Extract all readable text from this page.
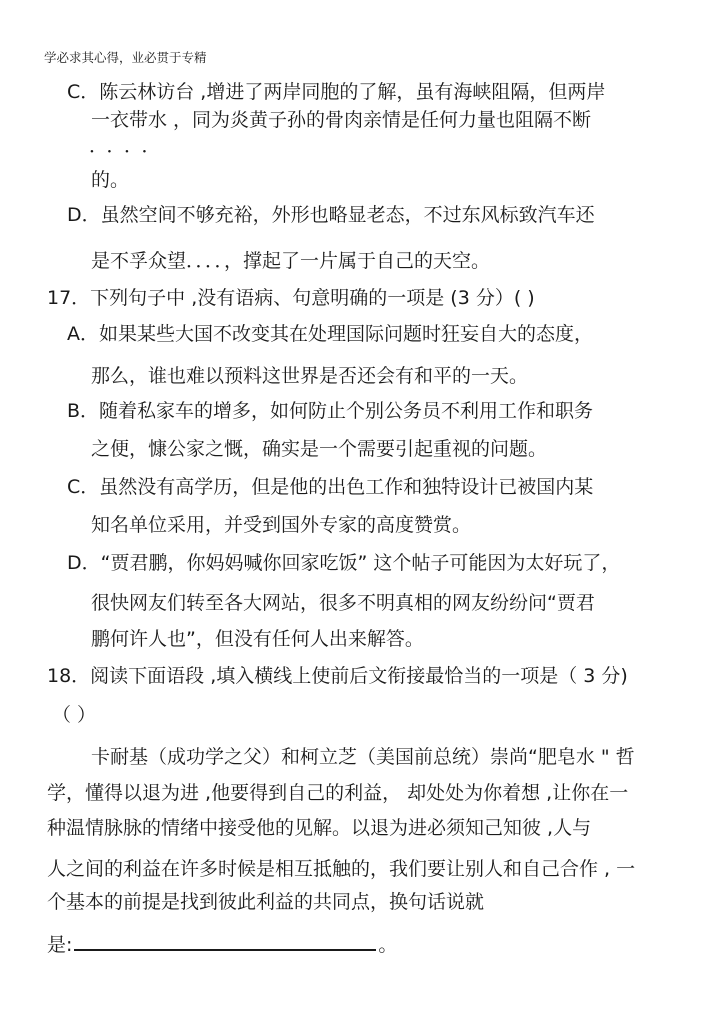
学必求其心得，业必贯于专精
C．陈云林访台 ,增进了两岸同胞的了解，虽有海峡阻隔，但两岸
一衣带水 ，同为炎黄子孙的骨肉亲情是任何力量也阻隔不断
．．．．
的。
D．虽然空间不够充裕，外形也略显老态，不过东风标致汽车还
是不孚众望．．．．，撑起了一片属于自己的天空。
17．下列句子中 ,没有语病、句意明确的一项是 (3 分）( )
A．如果某些大国不改变其在处理国际问题时狂妄自大的态度，
那么，谁也难以预料这世界是否还会有和平的一天。
B．随着私家车的增多，如何防止个别公务员不利用工作和职务
之便，慷公家之慨，确实是一个需要引起重视的问题。
C．虽然没有高学历，但是他的出色工作和独特设计已被国内某
知名单位采用，并受到国外专家的高度赞赏。
D．“贾君鹏，你妈妈喊你回家吃饭” 这个帖子可能因为太好玩了，
很快网友们转至各大网站，很多不明真相的网友纷纷问“贾君
鹏何许人也”，但没有任何人出来解答。
18．阅读下面语段 ,填入横线上使前后文衔接最恰当的一项是（ 3 分)
（ ）
卡耐基（成功学之父）和柯立芝（美国前总统）崇尚“肥皂水 " 哲
学，懂得以退为进 ,他要得到自己的利益， 却处处为你着想 ,让你在一
种温情脉脉的情绪中接受他的见解。以退为进必须知己知彼 ,人与
人之间的利益在许多时候是相互抵触的，我们要让别人和自己合作 , 一
个基本的前提是找到彼此利益的共同点，换句话说就
是:	。
